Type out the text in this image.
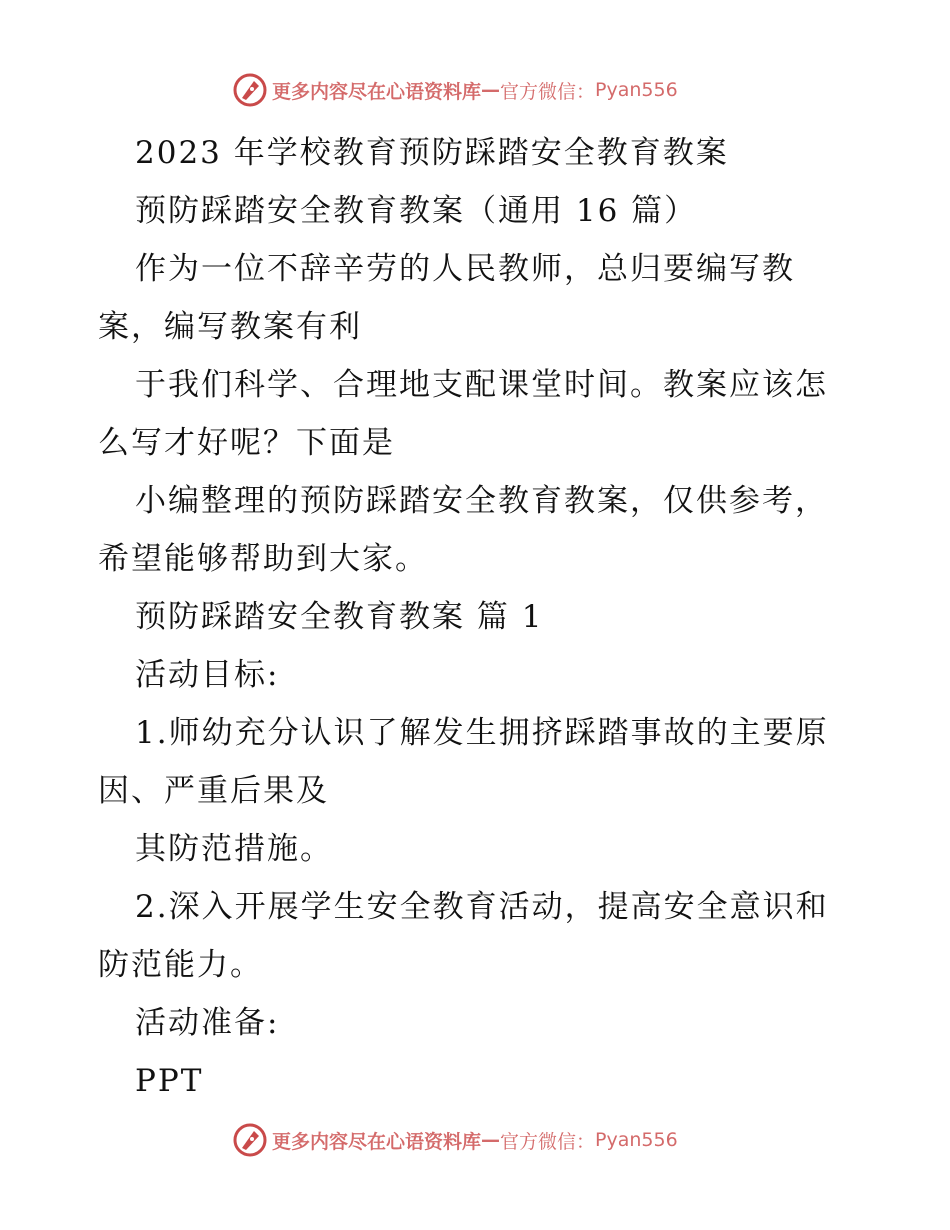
更多内容尽在心语资料库 — 官方微信： Pyan556

2023 年学校教育预防踩踏安全教育教案

预防踩踏安全教育教案（通用 16 篇）

作为一位不辞辛劳的人民教师，总归要编写教

案，编写教案有利

于我们科学、合理地支配课堂时间。教案应该怎

么写才好呢？下面是

小编整理的预防踩踏安全教育教案，仅供参考，

希望能够帮助到大家。

预防踩踏安全教育教案 篇 1

活动目标:

1.师幼充分认识了解发生拥挤踩踏事故的主要原

因、严重后果及

其防范措施。

2.深入开展学生安全教育活动，提高安全意识和

防范能力。

活动准备:

PPT

更多内容尽在心语资料库 — 官方微信： Pyan556
